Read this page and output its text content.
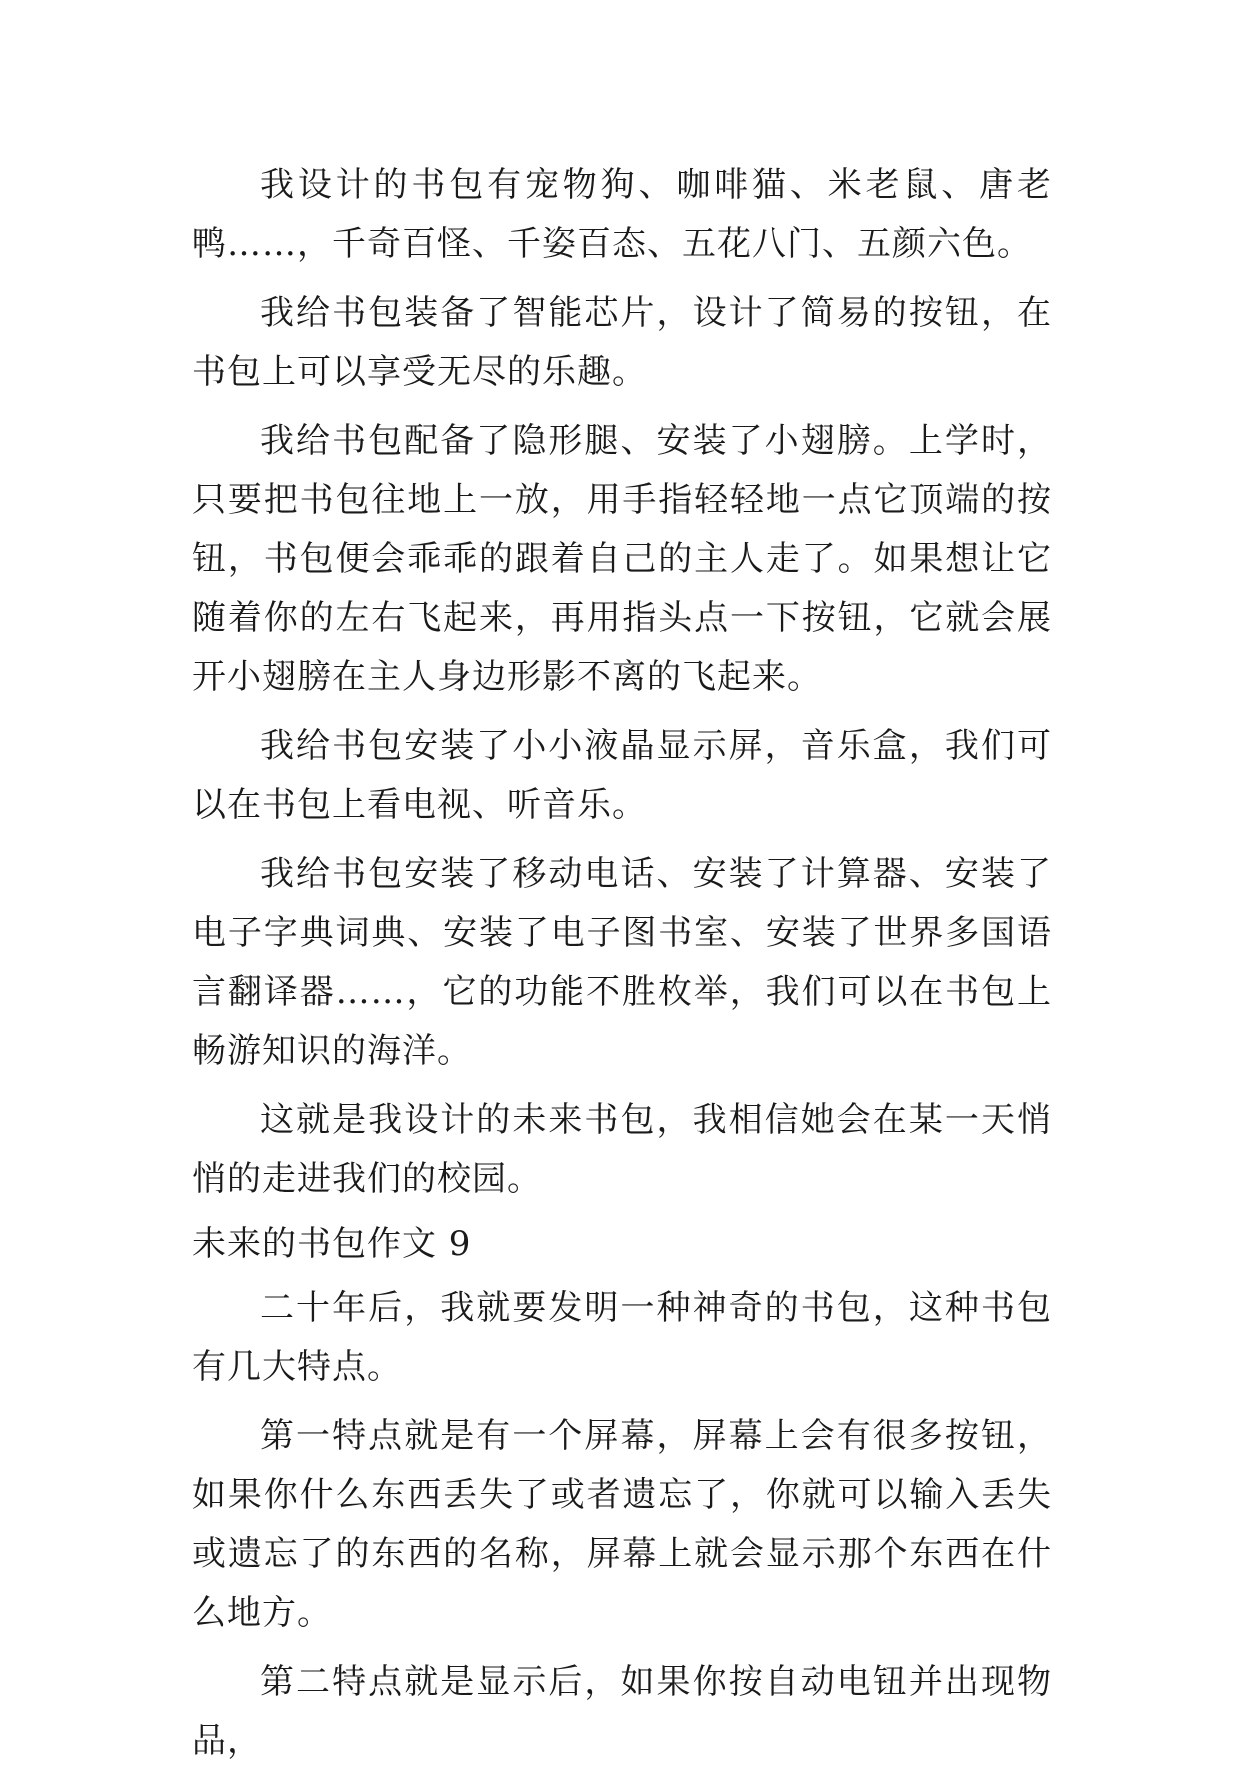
我设计的书包有宠物狗、咖啡猫、米老鼠、唐老鸭……，千奇百怪、千姿百态、五花八门、五颜六色。

我给书包装备了智能芯片，设计了简易的按钮，在书包上可以享受无尽的乐趣。

我给书包配备了隐形腿、安装了小翅膀。上学时，只要把书包往地上一放，用手指轻轻地一点它顶端的按钮，书包便会乖乖的跟着自己的主人走了。如果想让它随着你的左右飞起来，再用指头点一下按钮，它就会展开小翅膀在主人身边形影不离的飞起来。

我给书包安装了小小液晶显示屏，音乐盒，我们可以在书包上看电视、听音乐。

我给书包安装了移动电话、安装了计算器、安装了电子字典词典、安装了电子图书室、安装了世界多国语言翻译器……，它的功能不胜枚举，我们可以在书包上畅游知识的海洋。

这就是我设计的未来书包，我相信她会在某一天悄悄的走进我们的校园。

未来的书包作文 9

二十年后，我就要发明一种神奇的书包，这种书包有几大特点。

第一特点就是有一个屏幕，屏幕上会有很多按钮，如果你什么东西丢失了或者遗忘了，你就可以输入丢失或遗忘了的东西的名称，屏幕上就会显示那个东西在什么地方。

第二特点就是显示后，如果你按自动电钮并出现物品，
